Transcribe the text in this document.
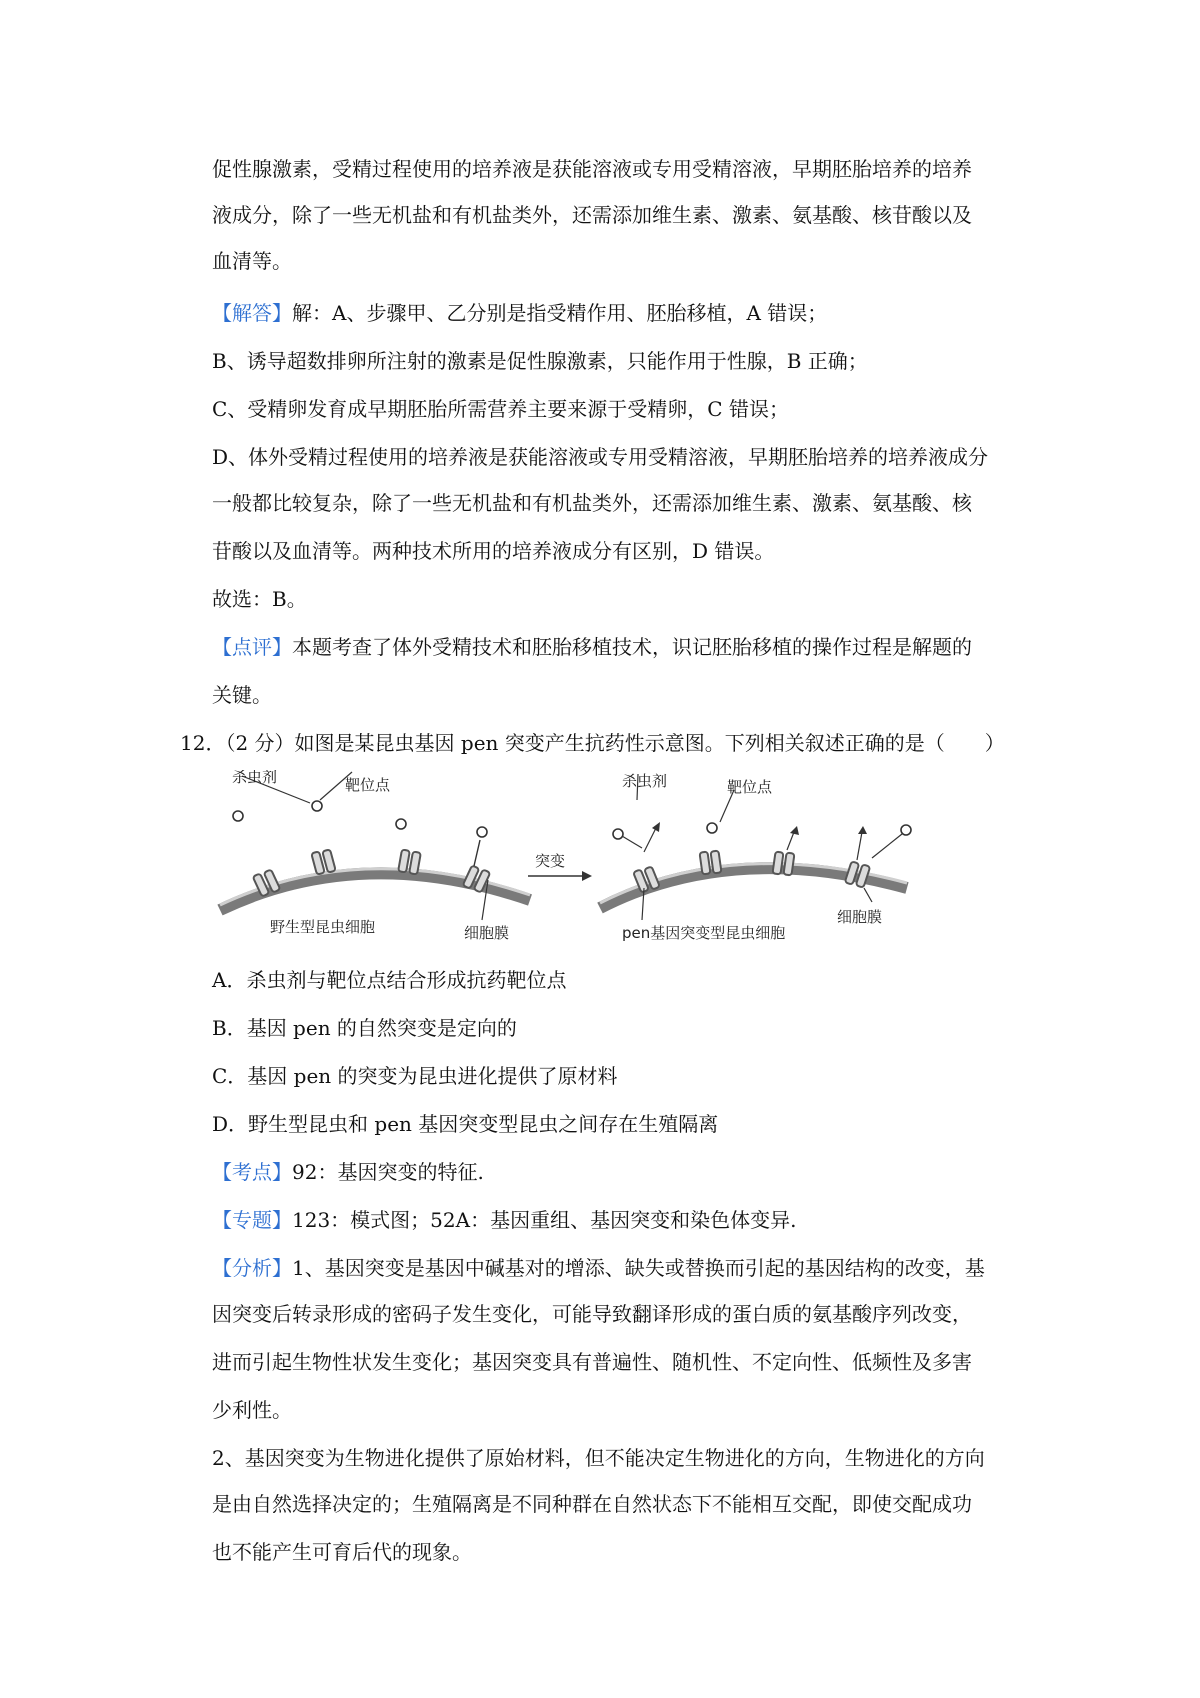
促性腺激素，受精过程使用的培养液是获能溶液或专用受精溶液，早期胚胎培养的培养
液成分，除了一些无机盐和有机盐类外，还需添加维生素、激素、氨基酸、核苷酸以及
血清等。
【解答】解：A、步骤甲、乙分别是指受精作用、胚胎移植，A 错误；
B、诱导超数排卵所注射的激素是促性腺激素，只能作用于性腺，B 正确；
C、受精卵发育成早期胚胎所需营养主要来源于受精卵，C 错误；
D、体外受精过程使用的培养液是获能溶液或专用受精溶液，早期胚胎培养的培养液成分
一般都比较复杂，除了一些无机盐和有机盐类外，还需添加维生素、激素、氨基酸、核
苷酸以及血清等。两种技术所用的培养液成分有区别，D 错误。
故选：B。
【点评】本题考查了体外受精技术和胚胎移植技术，识记胚胎移植的操作过程是解题的
关键。
12．（2 分）如图是某昆虫基因 pen 突变产生抗药性示意图。下列相关叙述正确的是（　　）
杀虫剂	靶位点
野生型昆虫细胞	细胞膜
突变
杀虫剂	靶位点
pen基因突变型昆虫细胞
细胞膜
A．杀虫剂与靶位点结合形成抗药靶位点
B．基因 pen 的自然突变是定向的
C．基因 pen 的突变为昆虫进化提供了原材料
D．野生型昆虫和 pen 基因突变型昆虫之间存在生殖隔离
【考点】92：基因突变的特征.
【专题】123：模式图；52A：基因重组、基因突变和染色体变异.
【分析】1、基因突变是基因中碱基对的增添、缺失或替换而引起的基因结构的改变，基
因突变后转录形成的密码子发生变化，可能导致翻译形成的蛋白质的氨基酸序列改变，
进而引起生物性状发生变化；基因突变具有普遍性、随机性、不定向性、低频性及多害
少利性。
2、基因突变为生物进化提供了原始材料，但不能决定生物进化的方向，生物进化的方向
是由自然选择决定的；生殖隔离是不同种群在自然状态下不能相互交配，即使交配成功
也不能产生可育后代的现象。
